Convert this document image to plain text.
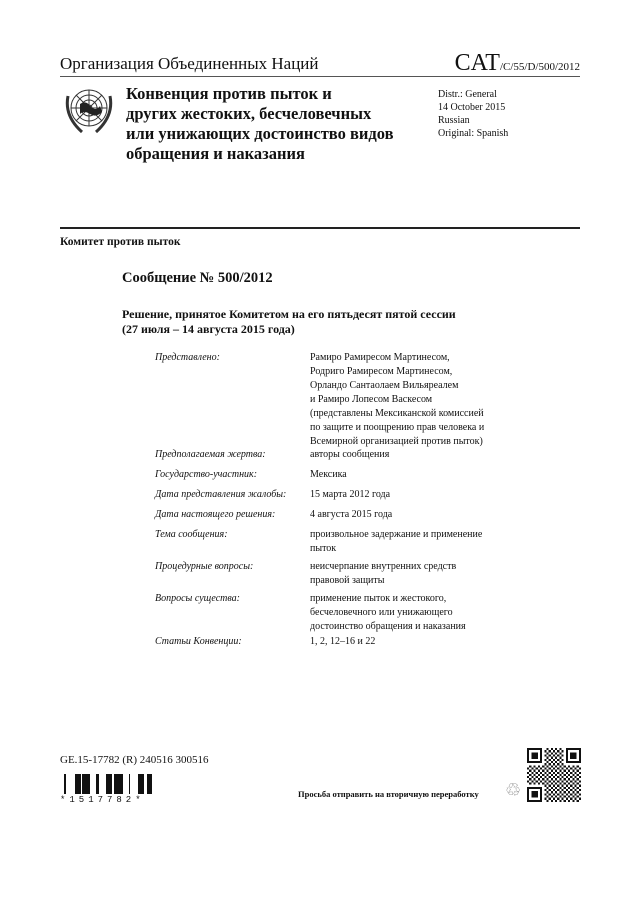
Организация Объединенных Наций	CAT/C/55/D/500/2012
Конвенция против пыток и
других жестоких, бесчеловечных
или унижающих достоинство видов
обращения и наказания
Distr.: General
14 October 2015
Russian
Original: Spanish
Комитет против пыток
Сообщение № 500/2012
Решение, принятое Комитетом на его пятьдесят пятой сессии
(27 июля – 14 августа 2015 года)
Представлено:	Рамиро Рамиресом Мартинесом,
Родриго Рамиресом Мартинесом,
Орландо Сантаолаем Вильяреалем
и Рамиро Лопесом Васкесом
(представлены Мексиканской комиссией
по защите и поощрению прав человека и
Всемирной организацией против пыток)
Предполагаемая жертва:	авторы сообщения
Государство-участник:	Мексика
Дата представления жалобы: 15 марта 2012 года
Дата настоящего решения:	4 августа 2015 года
Тема сообщения:	произвольное задержание и применение
пыток
Процедурные вопросы:	неисчерпание внутренних средств
правовой защиты
Вопросы существа:	применение пыток и жестокого,
бесчеловечного или унижающего
достоинство обращения и наказания
Статьи Конвенции:	1, 2, 12–16 и 22
GE.15-17782 (R) 240516 300516
*1517782*
Просьба отправить на вторичную переработку ♲
